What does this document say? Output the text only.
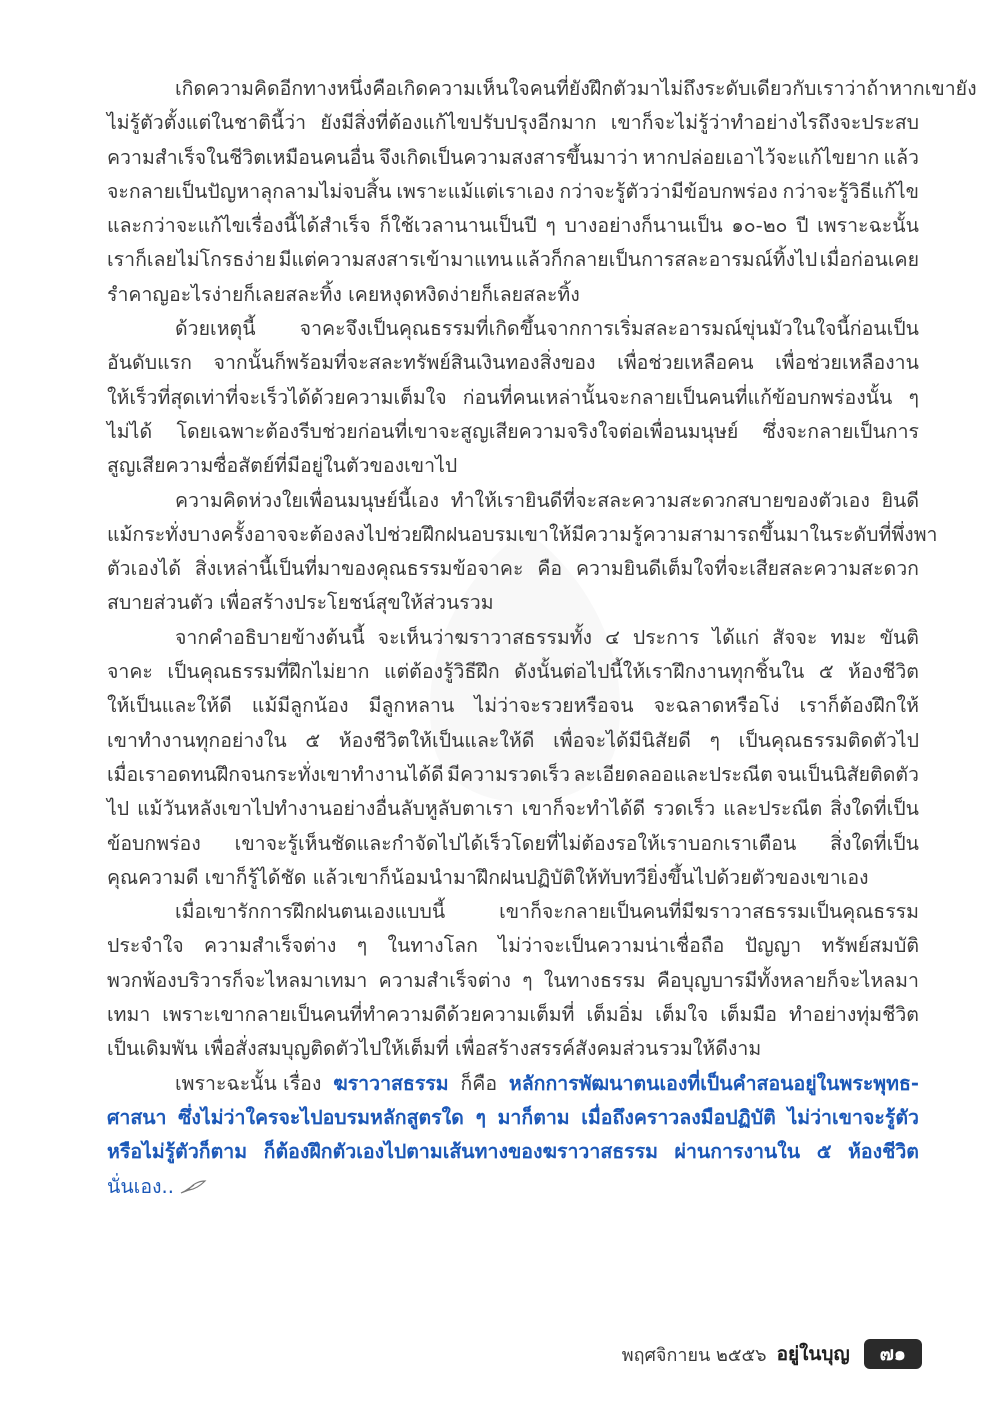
เกิดความคิดอีกทางหนึ่ง คือเกิดความเห็นใจคนที่ยังฝึกตัวมาไม่ถึงระดับเดียวกับเราว่า ถ้าหากเขายัง
ไม่รู้ตัวตั้งแต่ในชาตินี้ว่า ยังมีสิ่งที่ต้องแก้ไขปรับปรุงอีกมาก เขาก็จะไม่รู้ว่าทำอย่างไรถึงจะประสบ
ความสำเร็จในชีวิตเหมือนคนอื่น จึงเกิดเป็นความสงสารขึ้นมาว่า หากปล่อยเอาไว้จะแก้ไขยาก แล้ว
จะกลายเป็นปัญหาลุกลามไม่จบสิ้น เพราะแม้แต่เราเอง กว่าจะรู้ตัวว่ามีข้อบกพร่อง กว่าจะรู้วิธีแก้ไข
และกว่าจะแก้ไขเรื่องนี้ได้สำเร็จ ก็ใช้เวลานานเป็นปี ๆ บางอย่างก็นานเป็น ๑๐-๒๐ ปี เพราะฉะนั้น
เราก็เลยไม่โกรธง่าย มีแต่ความสงสารเข้ามาแทน แล้วก็กลายเป็นการสละอารมณ์ทิ้งไป เมื่อก่อนเคย
รำคาญอะไรง่ายก็เลยสละทิ้ง เคยหงุดหงิดง่ายก็เลยสละทิ้ง
ด้วยเหตุนี้ จาคะจึงเป็นคุณธรรมที่เกิดขึ้นจากการเริ่มสละอารมณ์ขุ่นมัวในใจนี้ก่อนเป็น
อันดับแรก จากนั้นก็พร้อมที่จะสละทรัพย์สินเงินทองสิ่งของ เพื่อช่วยเหลือคน เพื่อช่วยเหลืองาน
ให้เร็วที่สุดเท่าที่จะเร็วได้ด้วยความเต็มใจ ก่อนที่คนเหล่านั้นจะกลายเป็นคนที่แก้ข้อบกพร่องนั้น ๆ
ไม่ได้ โดยเฉพาะต้องรีบช่วยก่อนที่เขาจะสูญเสียความจริงใจต่อเพื่อนมนุษย์ ซึ่งจะกลายเป็นการ
สูญเสียความซื่อสัตย์ที่มีอยู่ในตัวของเขาไป
ความคิดห่วงใยเพื่อนมนุษย์นี้เอง ทำให้เรายินดีที่จะสละความสะดวกสบายของตัวเอง ยินดี
แม้กระทั่งบางครั้งอาจจะต้องลงไปช่วยฝึกฝนอบรมเขาให้มีความรู้ความสามารถขึ้นมาในระดับที่พึ่งพา
ตัวเองได้ สิ่งเหล่านี้เป็นที่มาของคุณธรรมข้อจาคะ คือ ความยินดีเต็มใจที่จะเสียสละความสะดวก
สบายส่วนตัว เพื่อสร้างประโยชน์สุขให้ส่วนรวม
จากคำอธิบายข้างต้นนี้ จะเห็นว่าฆราวาสธรรมทั้ง ๔ ประการ ได้แก่ สัจจะ ทมะ ขันติ
จาคะ เป็นคุณธรรมที่ฝึกไม่ยาก แต่ต้องรู้วิธีฝึก ดังนั้นต่อไปนี้ให้เราฝึกงานทุกชิ้นใน ๕ ห้องชีวิต
ให้เป็นและให้ดี แม้มีลูกน้อง มีลูกหลาน ไม่ว่าจะรวยหรือจน จะฉลาดหรือโง่ เราก็ต้องฝึกให้
เขาทำงานทุกอย่างใน ๕ ห้องชีวิตให้เป็นและให้ดี เพื่อจะได้มีนิสัยดี ๆ เป็นคุณธรรมติดตัวไป
เมื่อเราอดทนฝึกจนกระทั่งเขาทำงานได้ดี มีความรวดเร็ว ละเอียดลออและประณีต จนเป็นนิสัยติดตัว
ไป แม้วันหลังเขาไปทำงานอย่างอื่นลับหูลับตาเรา เขาก็จะทำได้ดี รวดเร็ว และประณีต สิ่งใดที่เป็น
ข้อบกพร่อง เขาจะรู้เห็นชัดและกำจัดไปได้เร็วโดยที่ไม่ต้องรอให้เราบอกเราเตือน สิ่งใดที่เป็น
คุณความดี เขาก็รู้ได้ชัด แล้วเขาก็น้อมนำมาฝึกฝนปฏิบัติให้ทับทวียิ่งขึ้นไปด้วยตัวของเขาเอง
เมื่อเขารักการฝึกฝนตนเองแบบนี้	เขาก็จะกลายเป็นคนที่มีฆราวาสธรรมเป็นคุณธรรม
ประจำใจ ความสำเร็จต่าง ๆ ในทางโลก ไม่ว่าจะเป็นความน่าเชื่อถือ ปัญญา ทรัพย์สมบัติ
พวกพ้องบริวารก็จะไหลมาเทมา ความสำเร็จต่าง ๆ ในทางธรรม คือบุญบารมีทั้งหลายก็จะไหลมา
เทมา เพราะเขากลายเป็นคนที่ทำความดีด้วยความเต็มที่ เต็มอิ่ม เต็มใจ เต็มมือ ทำอย่างทุ่มชีวิต
เป็นเดิมพัน เพื่อสั่งสมบุญติดตัวไปให้เต็มที่ เพื่อสร้างสรรค์สังคมส่วนรวมให้ดีงาม
เพราะฉะนั้น เรื่อง ฆราวาสธรรม ก็คือ หลักการพัฒนาตนเองที่เป็นคำสอนอยู่ในพระพุทธ-
ศาสนา ซึ่งไม่ว่าใครจะไปอบรมหลักสูตรใด ๆ มาก็ตาม เมื่อถึงคราวลงมือปฏิบัติ ไม่ว่าเขาจะรู้ตัว
หรือไม่รู้ตัวก็ตาม ก็ต้องฝึกตัวเองไปตามเส้นทางของฆราวาสธรรม ผ่านการงานใน ๕ ห้องชีวิต
นั่นเอง..
พฤศจิกายน ๒๕๕๖ อยู่ในบุญ	๗๑
